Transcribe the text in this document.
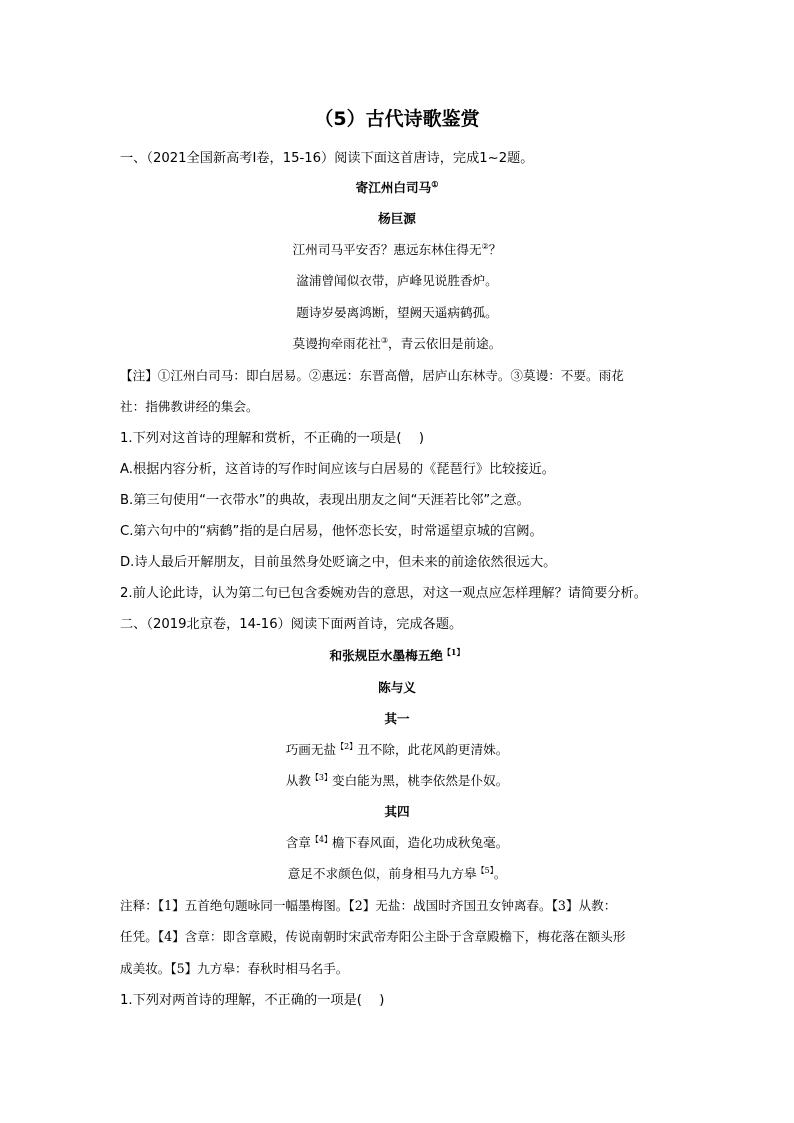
（5）古代诗歌鉴赏
一、（2021全国新高考Ⅰ卷，15-16）阅读下面这首唐诗，完成1~2题。
寄江州白司马①
杨巨源
江州司马平安否？惠远东林住得无②？
湓浦曾闻似衣带，庐峰见说胜香炉。
题诗岁晏离鸿断，望阙天遥病鹤孤。
莫谩拘牵雨花社③，青云依旧是前途。
【注】①江州白司马：即白居易。②惠远：东晋高僧，居庐山东林寺。③莫谩：不要。雨花
社：指佛教讲经的集会。
1.下列对这首诗的理解和赏析，不正确的一项是(　 )
A.根据内容分析，这首诗的写作时间应该与白居易的《琵琶行》比较接近。
B.第三句使用“一衣带水”的典故，表现出朋友之间“天涯若比邻”之意。
C.第六句中的“病鹤”指的是白居易，他怀恋长安，时常遥望京城的宫阙。
D.诗人最后开解朋友，目前虽然身处贬谪之中，但未来的前途依然很远大。
2.前人论此诗，认为第二句已包含委婉劝告的意思，对这一观点应怎样理解？请简要分析。
二、（2019北京卷，14-16）阅读下面两首诗，完成各题。
和张规臣水墨梅五绝$^{【1】}$
陈与义
其一
巧画无盐$^{【2】}$丑不除，此花风韵更清姝。
从教$^{【3】}$变白能为黑，桃李依然是仆奴。
其四
含章$^{【4】}$檐下春风面，造化功成秋兔毫。
意足不求颜色似，前身相马九方皋$^{【5】}$。
注释：【1】五首绝句题咏同一幅墨梅图。【2】无盐：战国时齐国丑女钟离春。【3】从教：
任凭。【4】含章：即含章殿，传说南朝时宋武帝寿阳公主卧于含章殿檐下，梅花落在额头形
成美妆。【5】九方皋：春秋时相马名手。
1.下列对两首诗的理解，不正确的一项是(　 )
